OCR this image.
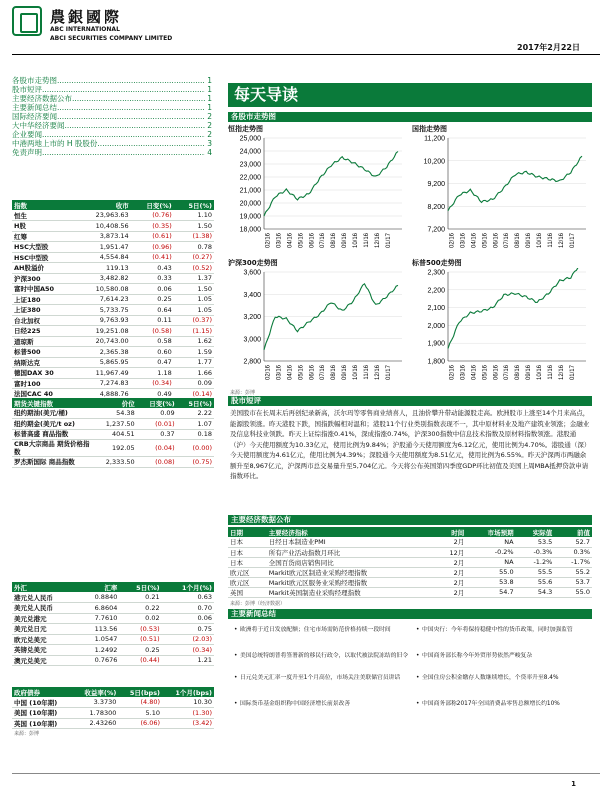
農銀國際
ABC INTERNATIONAL
ABCI SECURITIES COMPANY LIMITED
2017年2月22日
各股市走势图 .....	1
股市短评 .....	1
主要经济数据公布 .....	1
主要新闻总结 .....	1
国际经济要闻 .....	2
大中华经济要闻 .....	2
企业要闻 .....	2
中港两地上市的 H 股股份 .....	3
免责声明 .....	4
每天导读
各股市走势图
恒指走势图
25,000
24,000
23,000
22,000
21,000
20,000
19,000
18,000
02/16 03/16 04/16 05/16 06/16 07/16 08/16 09/16 10/16 11/16 12/16 01/17
国指走势图
11,200
10,200
9,200
8,200
7,200
02/16 03/16 04/16 05/16 06/16 07/16 08/16 09/16 10/16 11/16 12/16 01/17
沪深300走势图
3,600
3,400
3,200
3,000
2,800
02/16 03/16 04/16 05/16 06/16 07/16 08/16 09/16 10/16 11/16 12/16 01/17
标普500走势图
2,300
2,200
2,100
2,000
1,900
1,800
02/16 03/16 04/16 05/16 06/16 07/16 08/16 09/16 10/16 11/16 12/16 01/17
来源：彭博
指数	收市	日变(%)	5日(%)
恒生	23,963.63	(0.76)	1.10
H股	10,408.56	(0.35)	1.50
红筹	3,873.14	(0.61)	(1.38)
HSC大型股	1,951.47	(0.96)	0.78
HSC中型股	4,554.84	(0.41)	(0.27)
AH股溢价	119.13	0.43	(0.52)
沪深300	3,482.82	0.33	1.37
富时中国A50	10,580.08	0.06	1.50
上证180	7,614.23	0.25	1.05
上证380	5,733.75	0.64	1.05
台北加权	9,763.93	0.11	(0.37)
日经225	19,251.08	(0.58)	(1.15)
道琼斯	20,743.00	0.58	1.62
标普500	2,365.38	0.60	1.59
纳斯达克	5,865.95	0.47	1.77
德国DAX 30	11,967.49	1.18	1.66
富时100	7,274.83	(0.34)	0.09
法国CAC 40	4,888.76	0.49	(0.14)
期货关键指数	价位	日变(%)	5日(%)
纽约期油(美元/桶)	54.38	0.09	2.22
纽约期金(美元/t oz)	1,237.50	(0.01)	1.07
标普高盛 商品指数	404.51	0.37	0.18
CRB大宗商品 期货价格指数	192.05	(0.04)	(0.00)
罗杰斯国际 商品指数	2,333.50	(0.08)	(0.75)
外汇	汇率	5日(%)	1个月(%)
港元兑人民币	0.8840	0.21	0.63
美元兑人民币	6.8604	0.22	0.70
美元兑港元	7.7610	0.02	0.06
美元兑日元	113.56	(0.53)	0.75
欧元兑美元	1.0547	(0.51)	(2.03)
英镑兑美元	1.2492	0.25	(0.34)
澳元兑美元	0.7676	(0.44)	1.21
政府债券	收益率(%)	5日(bps)	1个月(bps)
中国 (10年期)	3.3730	(4.80)	10.30
美国 (10年期)	1.78300	5.10	(1.30)
英国 (10年期)	2.43260	(6.06)	(3.42)
来源：彭博
股市短评
美国股市在长周末后再创纪录新高，沃尔玛等零售商业绩喜人，且油价攀升带动能源股走高。欧洲股市上涨至14个月来高点，能源股领涨。昨天港股下跌，国指跌幅相对温和；港股11个行业类别指数表现不一，其中原材料业及地产建筑业领涨；金融业及信息科技业领跌。昨天上证综指涨0.41%，深成指涨0.74%，沪深300指数中信息技术指数及原材料指数领涨。港股通（沪）今天使用额度为10.33亿元，使用比例为9.84%；沪股通今天使用额度为6.12亿元，使用比例为4.70%。港股通（深）今天使用额度为4.61亿元，使用比例为4.39%；深股通今天使用额度为8.51亿元，使用比例为6.55%。昨天沪深两市两融余额升至8,967亿元，沪深两市总交易量升至5,704亿元。今天将公布英国第四季度GDP环比初值及美国上周MBA抵押贷款申请指数环比。
主要经济数据公布
日期	主要经济指标	时间	市场预期	实际值	前值
日本	日经日本制造业PMI	2月	NA	53.5	52.7
日本	所有产业活动指数月环比	12月	-0.2%	-0.3%	0.3%
日本	全国百货商店销售同比	2月	NA	-1.2%	-1.7%
欧元区	Markit欧元区制造业采购经理指数	2月	55.0	55.5	55.2
欧元区	Markit欧元区服务业采购经理指数	2月	53.8	55.6	53.7
英国	Markit英国制造业采购经理指数	2月	54.7	54.3	55.0
来源：彭博（经济数据）
主要新闻总结
• 欧洲将于近日发放配额；住宅市场需防范价格持续一段时间	• 中国央行：今年将保持稳健中性的货币政策，同时加强监管
• 美国总统特朗普将签署新的移民行政令，以取代被法院冻结的旧令	• 中国商务部长称今年外贸形势依然严峻复杂
• 日元兑美元汇率一度升至1个月高位，市场关注美联储官员讲话	• 全国住房公积金缴存人数继续增长，个贷率升至8.4%
• 国际货币基金组织称中国经济增长前景改善	• 中国商务部称2017年全国消费品零售总额增长约10%
1
